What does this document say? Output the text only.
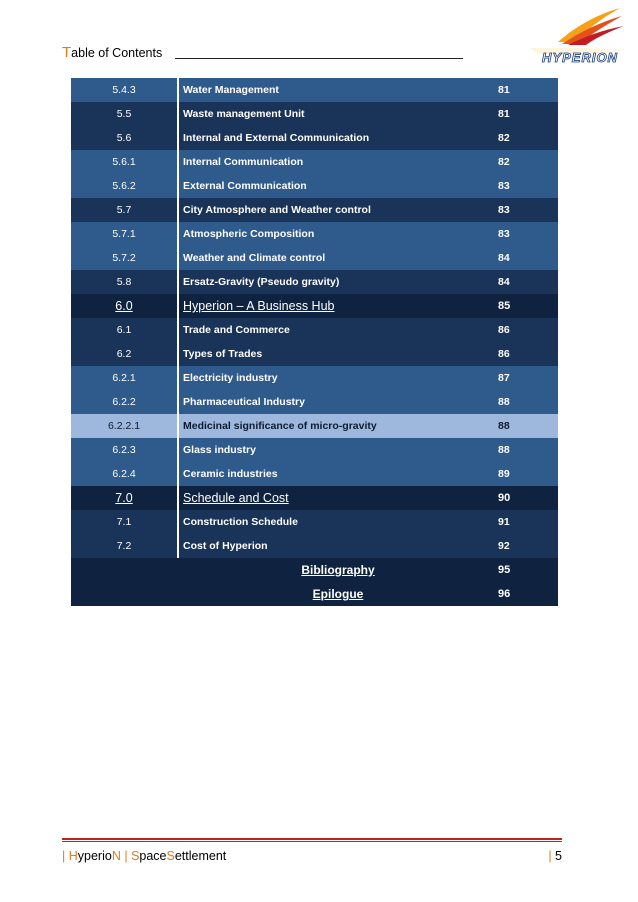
Table of Contents	HYPERION
5.4.3	Water Management	81
5.5	Waste management Unit	81
5.6	Internal and External Communication	82
5.6.1	Internal Communication	82
5.6.2	External Communication	83
5.7	City Atmosphere and Weather control	83
5.7.1	Atmospheric Composition	83
5.7.2	Weather and Climate control	84
5.8	Ersatz-Gravity (Pseudo gravity)	84
6.0	Hyperion – A Business Hub	85
6.1	Trade and Commerce	86
6.2	Types of Trades	86
6.2.1	Electricity industry	87
6.2.2	Pharmaceutical Industry	88
6.2.2.1	Medicinal significance of micro-gravity	88
6.2.3	Glass industry	88
6.2.4	Ceramic industries	89
7.0	Schedule and Cost	90
7.1	Construction Schedule	91
7.2	Cost of Hyperion	92
	Bibliography	95
	Epilogue	96
| HyperioN | SpaceSettlement	| 5
